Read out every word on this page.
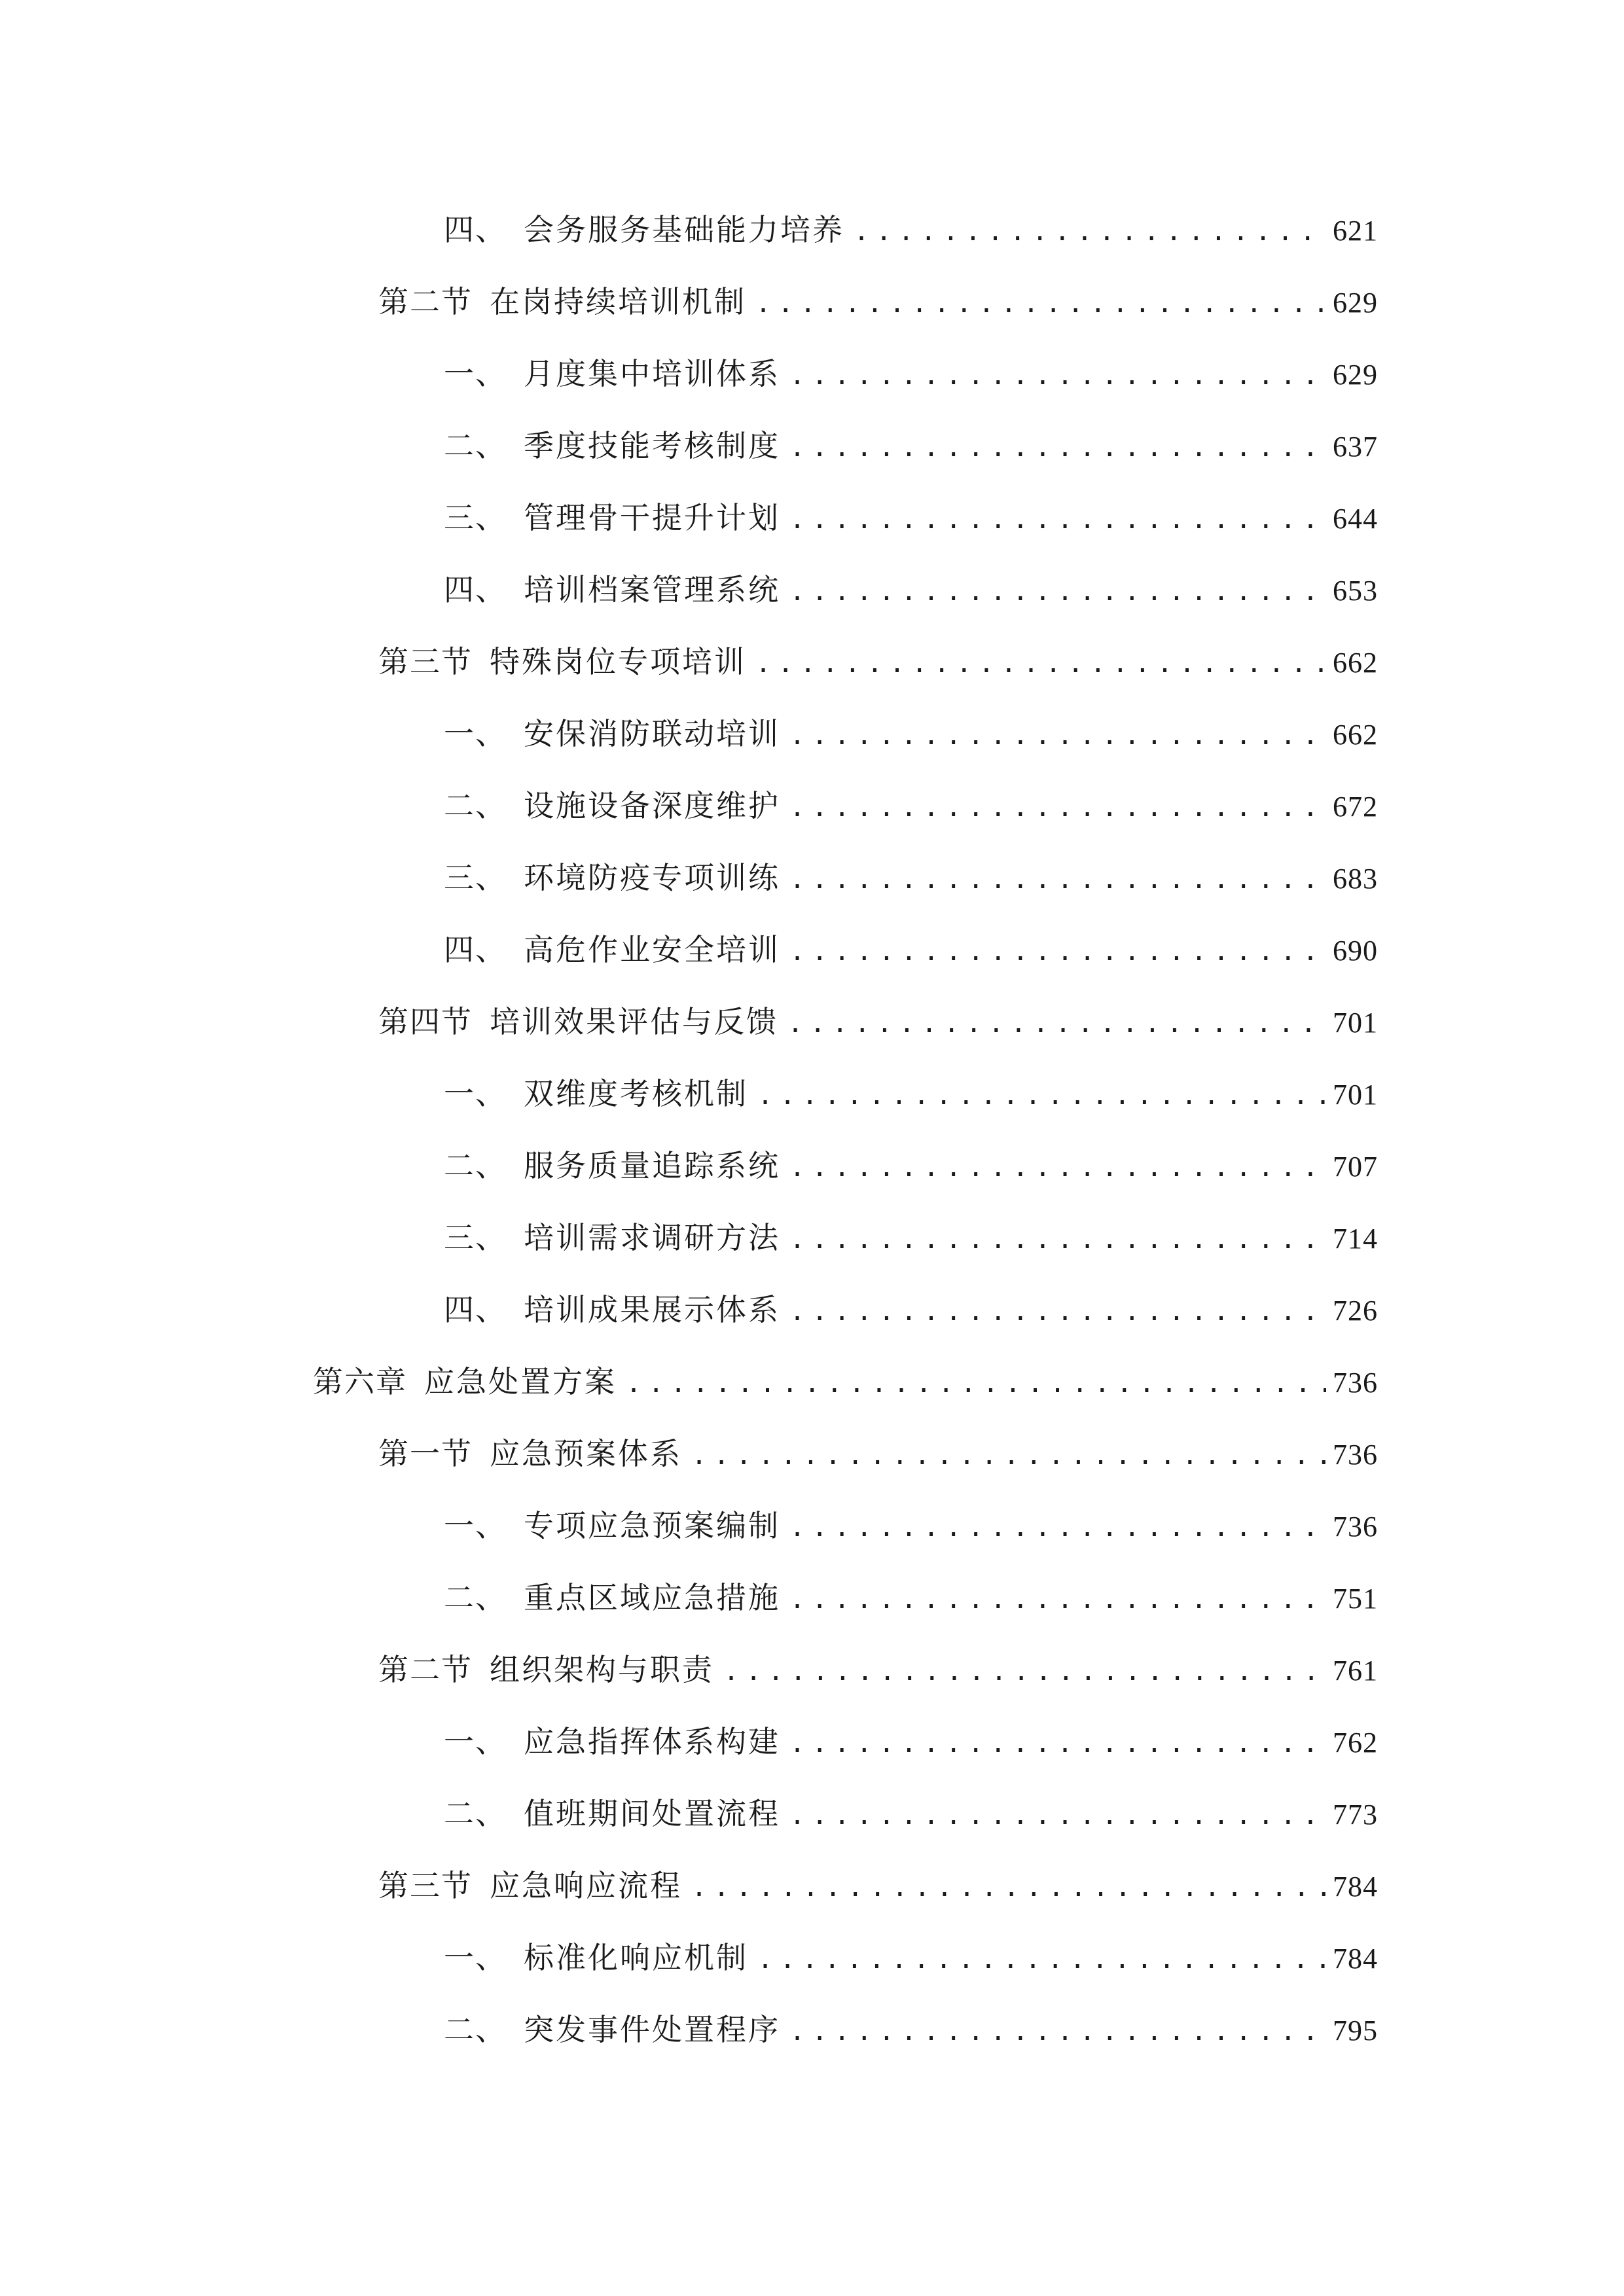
四、 会务服务基础能力培养 .....	621
第二节 在岗持续培训机制 .....	629
一、 月度集中培训体系 .....	629
二、 季度技能考核制度 .....	637
三、 管理骨干提升计划 .....	644
四、 培训档案管理系统 .....	653
第三节 特殊岗位专项培训 .....	662
一、 安保消防联动培训 .....	662
二、 设施设备深度维护 .....	672
三、 环境防疫专项训练 .....	683
四、 高危作业安全培训 .....	690
第四节 培训效果评估与反馈 .....	701
一、 双维度考核机制 .....	701
二、 服务质量追踪系统 .....	707
三、 培训需求调研方法 .....	714
四、 培训成果展示体系 .....	726
第六章 应急处置方案 .....	736
第一节 应急预案体系 .....	736
一、 专项应急预案编制 .....	736
二、 重点区域应急措施 .....	751
第二节 组织架构与职责 .....	761
一、 应急指挥体系构建 .....	762
二、 值班期间处置流程 .....	773
第三节 应急响应流程 .....	784
一、 标准化响应机制 .....	784
二、 突发事件处置程序 .....	795
